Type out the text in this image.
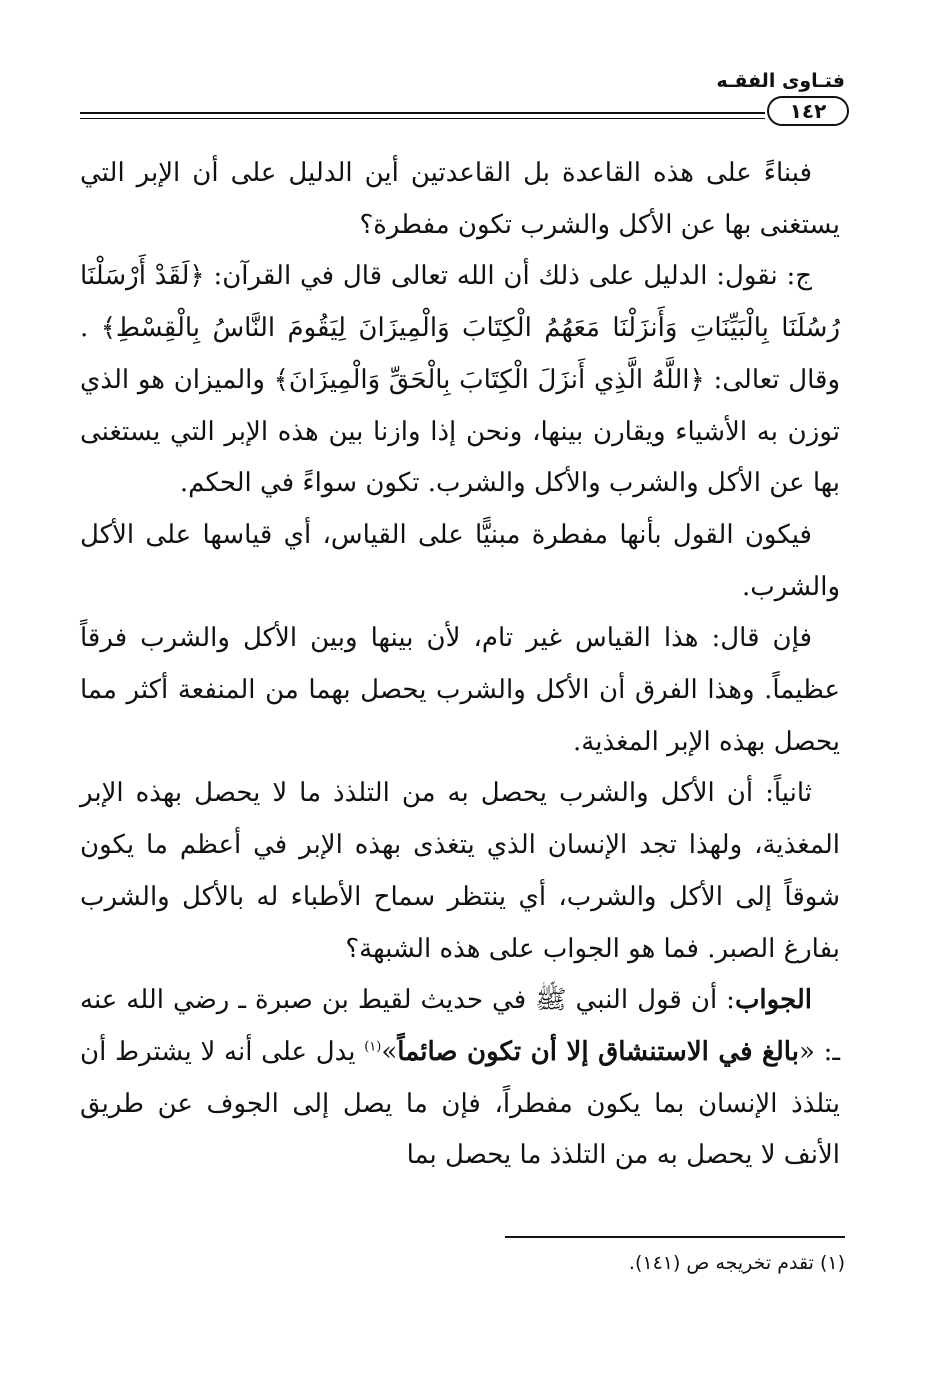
فتـاوى الفقـه
١٤٢

فبناءً على هذه القاعدة بل القاعدتين أين الدليل على أن الإبر التي يستغنى بها عن الأكل والشرب تكون مفطرة؟

ج: نقول: الدليل على ذلك أن الله تعالى قال في القرآن: ﴿لَقَدْ أَرْسَلْنَا رُسُلَنَا بِالْبَيِّنَاتِ وَأَنزَلْنَا مَعَهُمُ الْكِتَابَ وَالْمِيزَانَ لِيَقُومَ النَّاسُ بِالْقِسْطِ﴾ . وقال تعالى: ﴿اللَّهُ الَّذِي أَنزَلَ الْكِتَابَ بِالْحَقِّ وَالْمِيزَانَ﴾ والميزان هو الذي توزن به الأشياء ويقارن بينها، ونحن إذا وازنا بين هذه الإبر التي يستغنى بها عن الأكل والشرب والأكل والشرب. تكون سواءً في الحكم.

فيكون القول بأنها مفطرة مبنيًّا على القياس، أي قياسها على الأكل والشرب.

فإن قال: هذا القياس غير تام، لأن بينها وبين الأكل والشرب فرقاً عظيماً. وهذا الفرق أن الأكل والشرب يحصل بهما من المنفعة أكثر مما يحصل بهذه الإبر المغذية.

ثانياً: أن الأكل والشرب يحصل به من التلذذ ما لا يحصل بهذه الإبر المغذية، ولهذا تجد الإنسان الذي يتغذى بهذه الإبر في أعظم ما يكون شوقاً إلى الأكل والشرب، أي ينتظر سماح الأطباء له بالأكل والشرب بفارغ الصبر. فما هو الجواب على هذه الشبهة؟

الجواب: أن قول النبي ﷺ في حديث لقيط بن صبرة ـ رضي الله عنه ـ: «بالغ في الاستنشاق إلا أن تكون صائماً»$^{(١)}$ يدل على أنه لا يشترط أن يتلذذ الإنسان بما يكون مفطراً، فإن ما يصل إلى الجوف عن طريق الأنف لا يحصل به من التلذذ ما يحصل بما

(١) تقدم تخريجه ص (١٤١).
